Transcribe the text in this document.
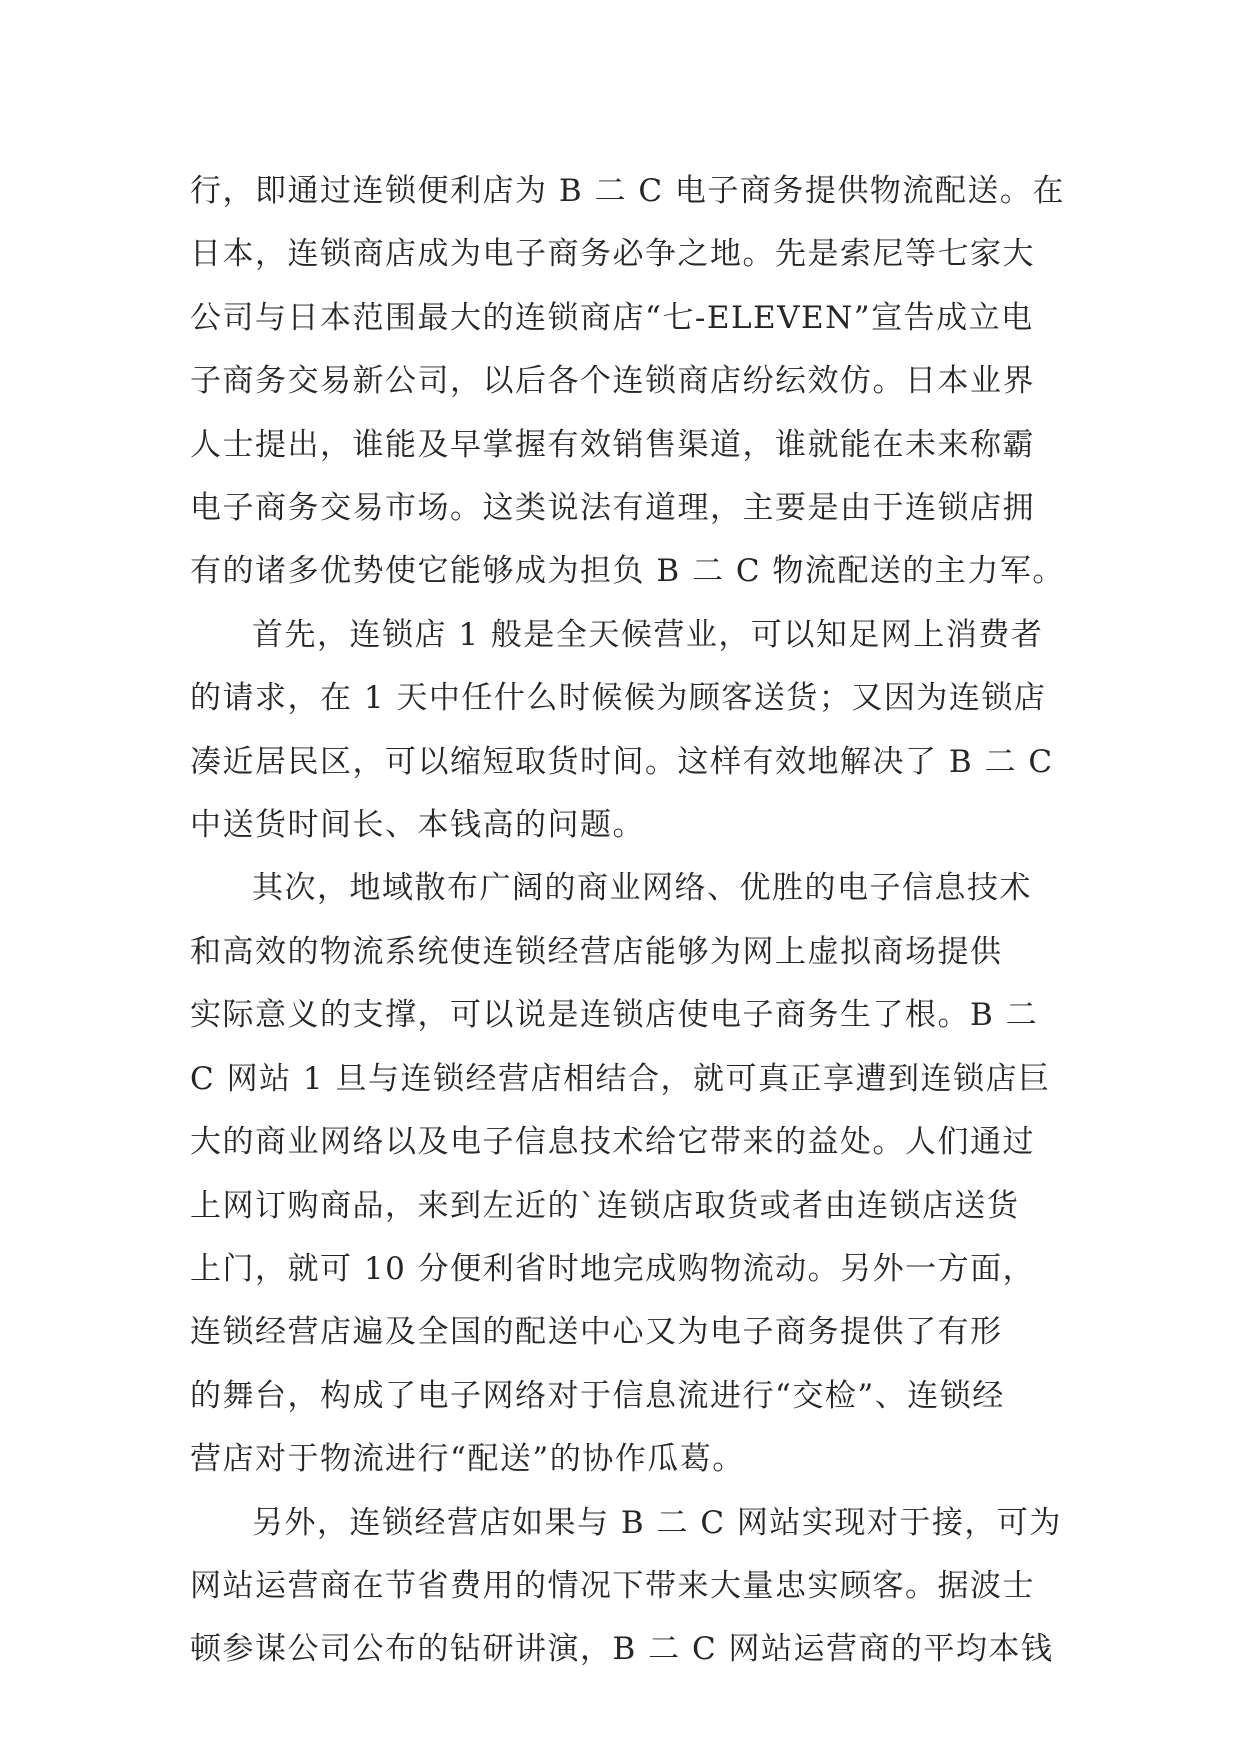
行，即通过连锁便利店为 B 二 C 电子商务提供物流配送。在
日本，连锁商店成为电子商务必争之地。先是索尼等七家大
公司与日本范围最大的连锁商店“七-ELEVEN”宣告成立电
子商务交易新公司，以后各个连锁商店纷纭效仿。日本业界
人士提出，谁能及早掌握有效销售渠道，谁就能在未来称霸
电子商务交易市场。这类说法有道理，主要是由于连锁店拥
有的诸多优势使它能够成为担负 B 二 C 物流配送的主力军。

首先，连锁店 1 般是全天候营业，可以知足网上消费者
的请求，在 1 天中任什么时候候为顾客送货；又因为连锁店
凑近居民区，可以缩短取货时间。这样有效地解决了 B 二 C
中送货时间长、本钱高的问题。

其次，地域散布广阔的商业网络、优胜的电子信息技术
和高效的物流系统使连锁经营店能够为网上虚拟商场提供
实际意义的支撑，可以说是连锁店使电子商务生了根。B 二
C 网站 1 旦与连锁经营店相结合，就可真正享遭到连锁店巨
大的商业网络以及电子信息技术给它带来的益处。人们通过
上网订购商品，来到左近的`连锁店取货或者由连锁店送货
上门，就可 10 分便利省时地完成购物流动。另外一方面，
连锁经营店遍及全国的配送中心又为电子商务提供了有形
的舞台，构成了电子网络对于信息流进行“交检”、连锁经
营店对于物流进行“配送”的协作瓜葛。

另外，连锁经营店如果与 B 二 C 网站实现对于接，可为
网站运营商在节省费用的情况下带来大量忠实顾客。据波士
顿参谋公司公布的钻研讲演，B 二 C 网站运营商的平均本钱
